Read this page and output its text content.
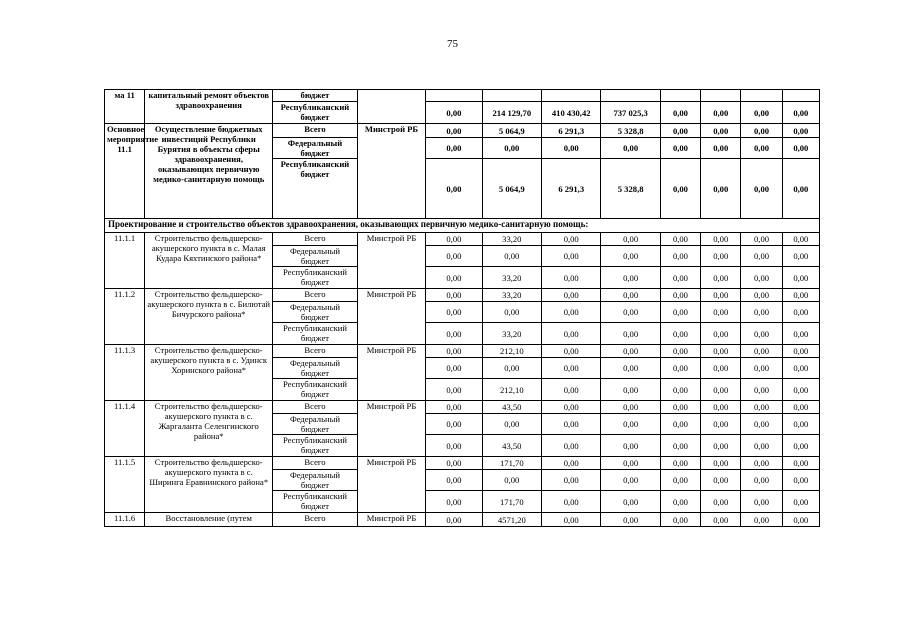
75
ма 11	капитальный ремонт объектов здравоохранения	бюджет									
		Республиканский бюджет		0,00	214 129,70	410 430,42	737 025,3	0,00	0,00	0,00	0,00
Основное мероприятие 11.1	Осуществление бюджетных инвестиций Республики Бурятия в объекты сферы здравоохранения, оказывающих первичную медико-санитарную помощь	Всего	Минстрой РБ	0,00	5 064,9	6 291,3	5 328,8	0,00	0,00	0,00	0,00
		Федеральный бюджет		0,00	0,00	0,00	0,00	0,00	0,00	0,00	0,00
		Республиканский бюджет		0,00	5 064,9	6 291,3	5 328,8	0,00	0,00	0,00	0,00
Проектирование и строительство объектов здравоохранения, оказывающих первичную медико-санитарную помощь:											
11.1.1	Строительство фельдшерско-акушерского пункта в с. Малая Кудара Кяхтинского района*	Всего	Минстрой РБ	0,00	33,20	0,00	0,00	0,00	0,00	0,00	0,00
		Федеральный бюджет		0,00	0,00	0,00	0,00	0,00	0,00	0,00	0,00
		Республиканский бюджет		0,00	33,20	0,00	0,00	0,00	0,00	0,00	0,00
11.1.2	Строительство фельдшерско-акушерского пункта в с. Билютай Бичурского района*	Всего	Минстрой РБ	0,00	33,20	0,00	0,00	0,00	0,00	0,00	0,00
		Федеральный бюджет		0,00	0,00	0,00	0,00	0,00	0,00	0,00	0,00
		Республиканский бюджет		0,00	33,20	0,00	0,00	0,00	0,00	0,00	0,00
11.1.3	Строительство фельдшерско-акушерского пункта в с. Удинск Хоринского района*	Всего	Минстрой РБ	0,00	212,10	0,00	0,00	0,00	0,00	0,00	0,00
		Федеральный бюджет		0,00	0,00	0,00	0,00	0,00	0,00	0,00	0,00
		Республиканский бюджет		0,00	212,10	0,00	0,00	0,00	0,00	0,00	0,00
11.1.4	Строительство фельдшерско-акушерского пункта в с. Жаргаланта Селенгинского района*	Всего	Минстрой РБ	0,00	43,50	0,00	0,00	0,00	0,00	0,00	0,00
		Федеральный бюджет		0,00	0,00	0,00	0,00	0,00	0,00	0,00	0,00
		Республиканский бюджет		0,00	43,50	0,00	0,00	0,00	0,00	0,00	0,00
11.1.5	Строительство фельдшерско-акушерского пункта в с. Ширинга Еравнинского района*	Всего	Минстрой РБ	0,00	171,70	0,00	0,00	0,00	0,00	0,00	0,00
		Федеральный бюджет		0,00	0,00	0,00	0,00	0,00	0,00	0,00	0,00
		Республиканский бюджет		0,00	171,70	0,00	0,00	0,00	0,00	0,00	0,00
11.1.6	Восстановление (путем	Всего	Минстрой РБ	0,00	4571,20	0,00	0,00	0,00	0,00	0,00	0,00
